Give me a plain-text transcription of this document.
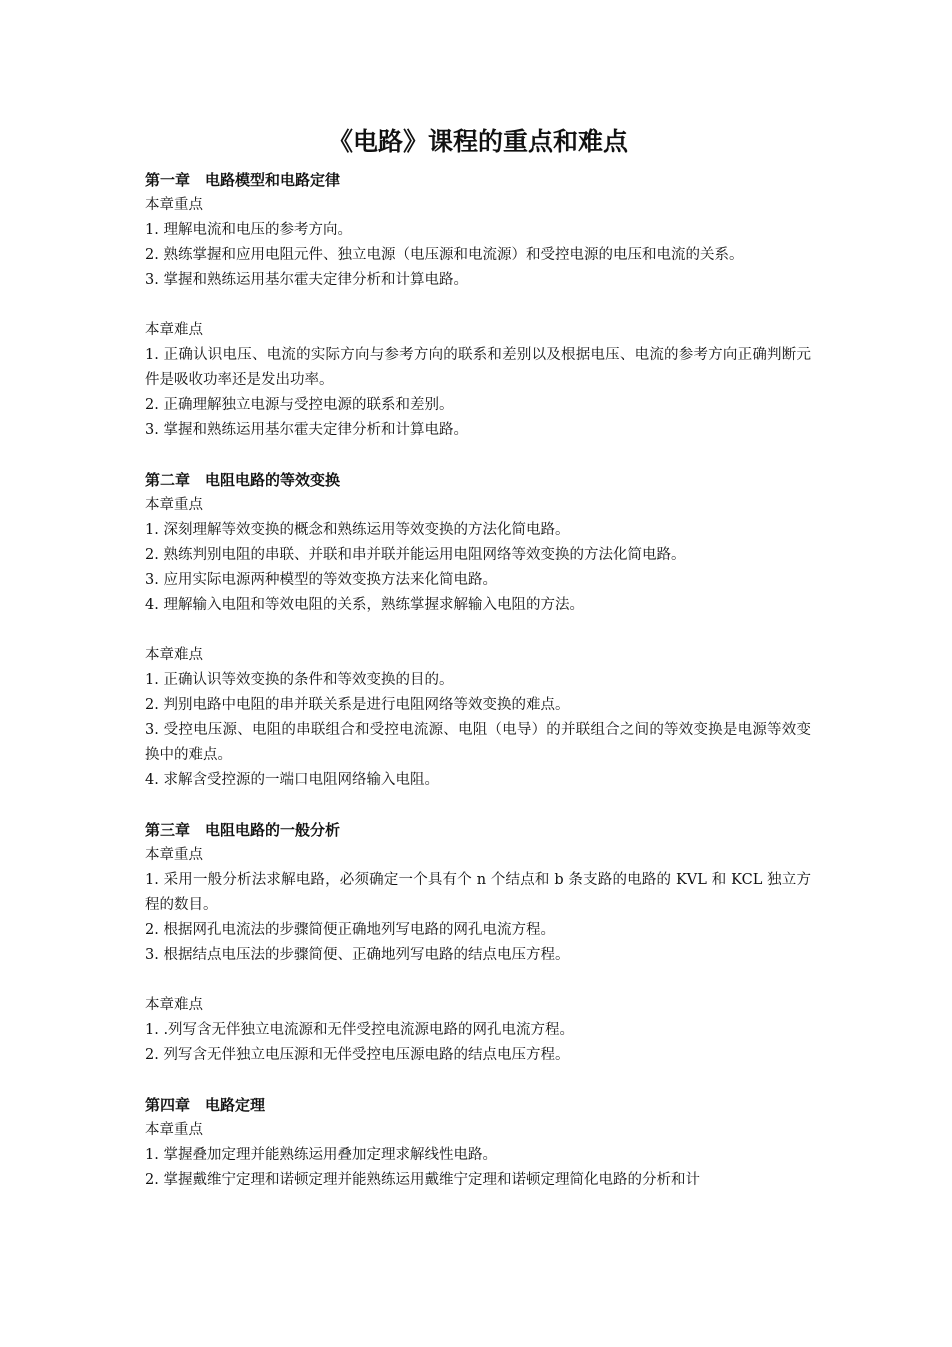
《电路》课程的重点和难点

第一章　电路模型和电路定律

本章重点

1. 理解电流和电压的参考方向。

2. 熟练掌握和应用电阻元件、独立电源（电压源和电流源）和受控电源的电压和电流的关系。

3. 掌握和熟练运用基尔霍夫定律分析和计算电路。

本章难点

1. 正确认识电压、电流的实际方向与参考方向的联系和差别以及根据电压、电流的参考方向正确判断元件是吸收功率还是发出功率。

2. 正确理解独立电源与受控电源的联系和差别。

3. 掌握和熟练运用基尔霍夫定律分析和计算电路。

第二章　电阻电路的等效变换

本章重点

1. 深刻理解等效变换的概念和熟练运用等效变换的方法化简电路。

2. 熟练判别电阻的串联、并联和串并联并能运用电阻网络等效变换的方法化简电路。

3. 应用实际电源两种模型的等效变换方法来化简电路。

4. 理解输入电阻和等效电阻的关系，熟练掌握求解输入电阻的方法。

本章难点

1. 正确认识等效变换的条件和等效变换的目的。

2. 判别电路中电阻的串并联关系是进行电阻网络等效变换的难点。

3. 受控电压源、电阻的串联组合和受控电流源、电阻（电导）的并联组合之间的等效变换是电源等效变换中的难点。

4. 求解含受控源的一端口电阻网络输入电阻。

第三章　电阻电路的一般分析

本章重点

1. 采用一般分析法求解电路，必须确定一个具有个 n 个结点和 b 条支路的电路的 KVL 和 KCL 独立方程的数目。

2. 根据网孔电流法的步骤简便正确地列写电路的网孔电流方程。

3. 根据结点电压法的步骤简便、正确地列写电路的结点电压方程。

本章难点

1. .列写含无伴独立电流源和无伴受控电流源电路的网孔电流方程。

2. 列写含无伴独立电压源和无伴受控电压源电路的结点电压方程。

第四章　电路定理

本章重点

1. 掌握叠加定理并能熟练运用叠加定理求解线性电路。

2. 掌握戴维宁定理和诺顿定理并能熟练运用戴维宁定理和诺顿定理简化电路的分析和计
